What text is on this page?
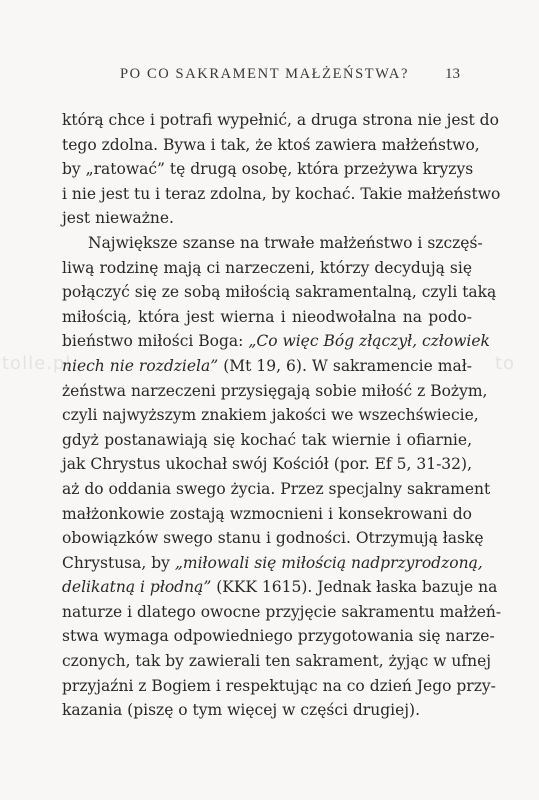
PO CO SAKRAMENT MAŁŻEŃSTWA? 13
tolle.pl	to
którą chce i potrafi wypełnić, a druga strona nie jest do
tego zdolna. Bywa i tak, że ktoś zawiera małżeństwo,
by „ratować” tę drugą osobę, która przeżywa kryzys
i nie jest tu i teraz zdolna, by kochać. Takie małżeństwo
jest nieważne.
Największe szanse na trwałe małżeństwo i szczęś-
liwą rodzinę mają ci narzeczeni, którzy decydują się
połączyć się ze sobą miłością sakramentalną, czyli taką
miłością, która jest wierna i nieodwołalna na podo-
bieństwo miłości Boga: „Co więc Bóg złączył, człowiek
niech nie rozdziela” (Mt 19, 6). W sakramencie mał-
żeństwa narzeczeni przysięgają sobie miłość z Bożym,
czyli najwyższym znakiem jakości we wszechświecie,
gdyż postanawiają się kochać tak wiernie i ofiarnie,
jak Chrystus ukochał swój Kościół (por. Ef 5, 31-32),
aż do oddania swego życia. Przez specjalny sakrament
małżonkowie zostają wzmocnieni i konsekrowani do
obowiązków swego stanu i godności. Otrzymują łaskę
Chrystusa, by „miłowali się miłością nadprzyrodzoną,
delikatną i płodną” (KKK 1615). Jednak łaska bazuje na
naturze i dlatego owocne przyjęcie sakramentu małżeń-
stwa wymaga odpowiedniego przygotowania się narze-
czonych, tak by zawierali ten sakrament, żyjąc w ufnej
przyjaźni z Bogiem i respektując na co dzień Jego przy-
kazania (piszę o tym więcej w części drugiej).
